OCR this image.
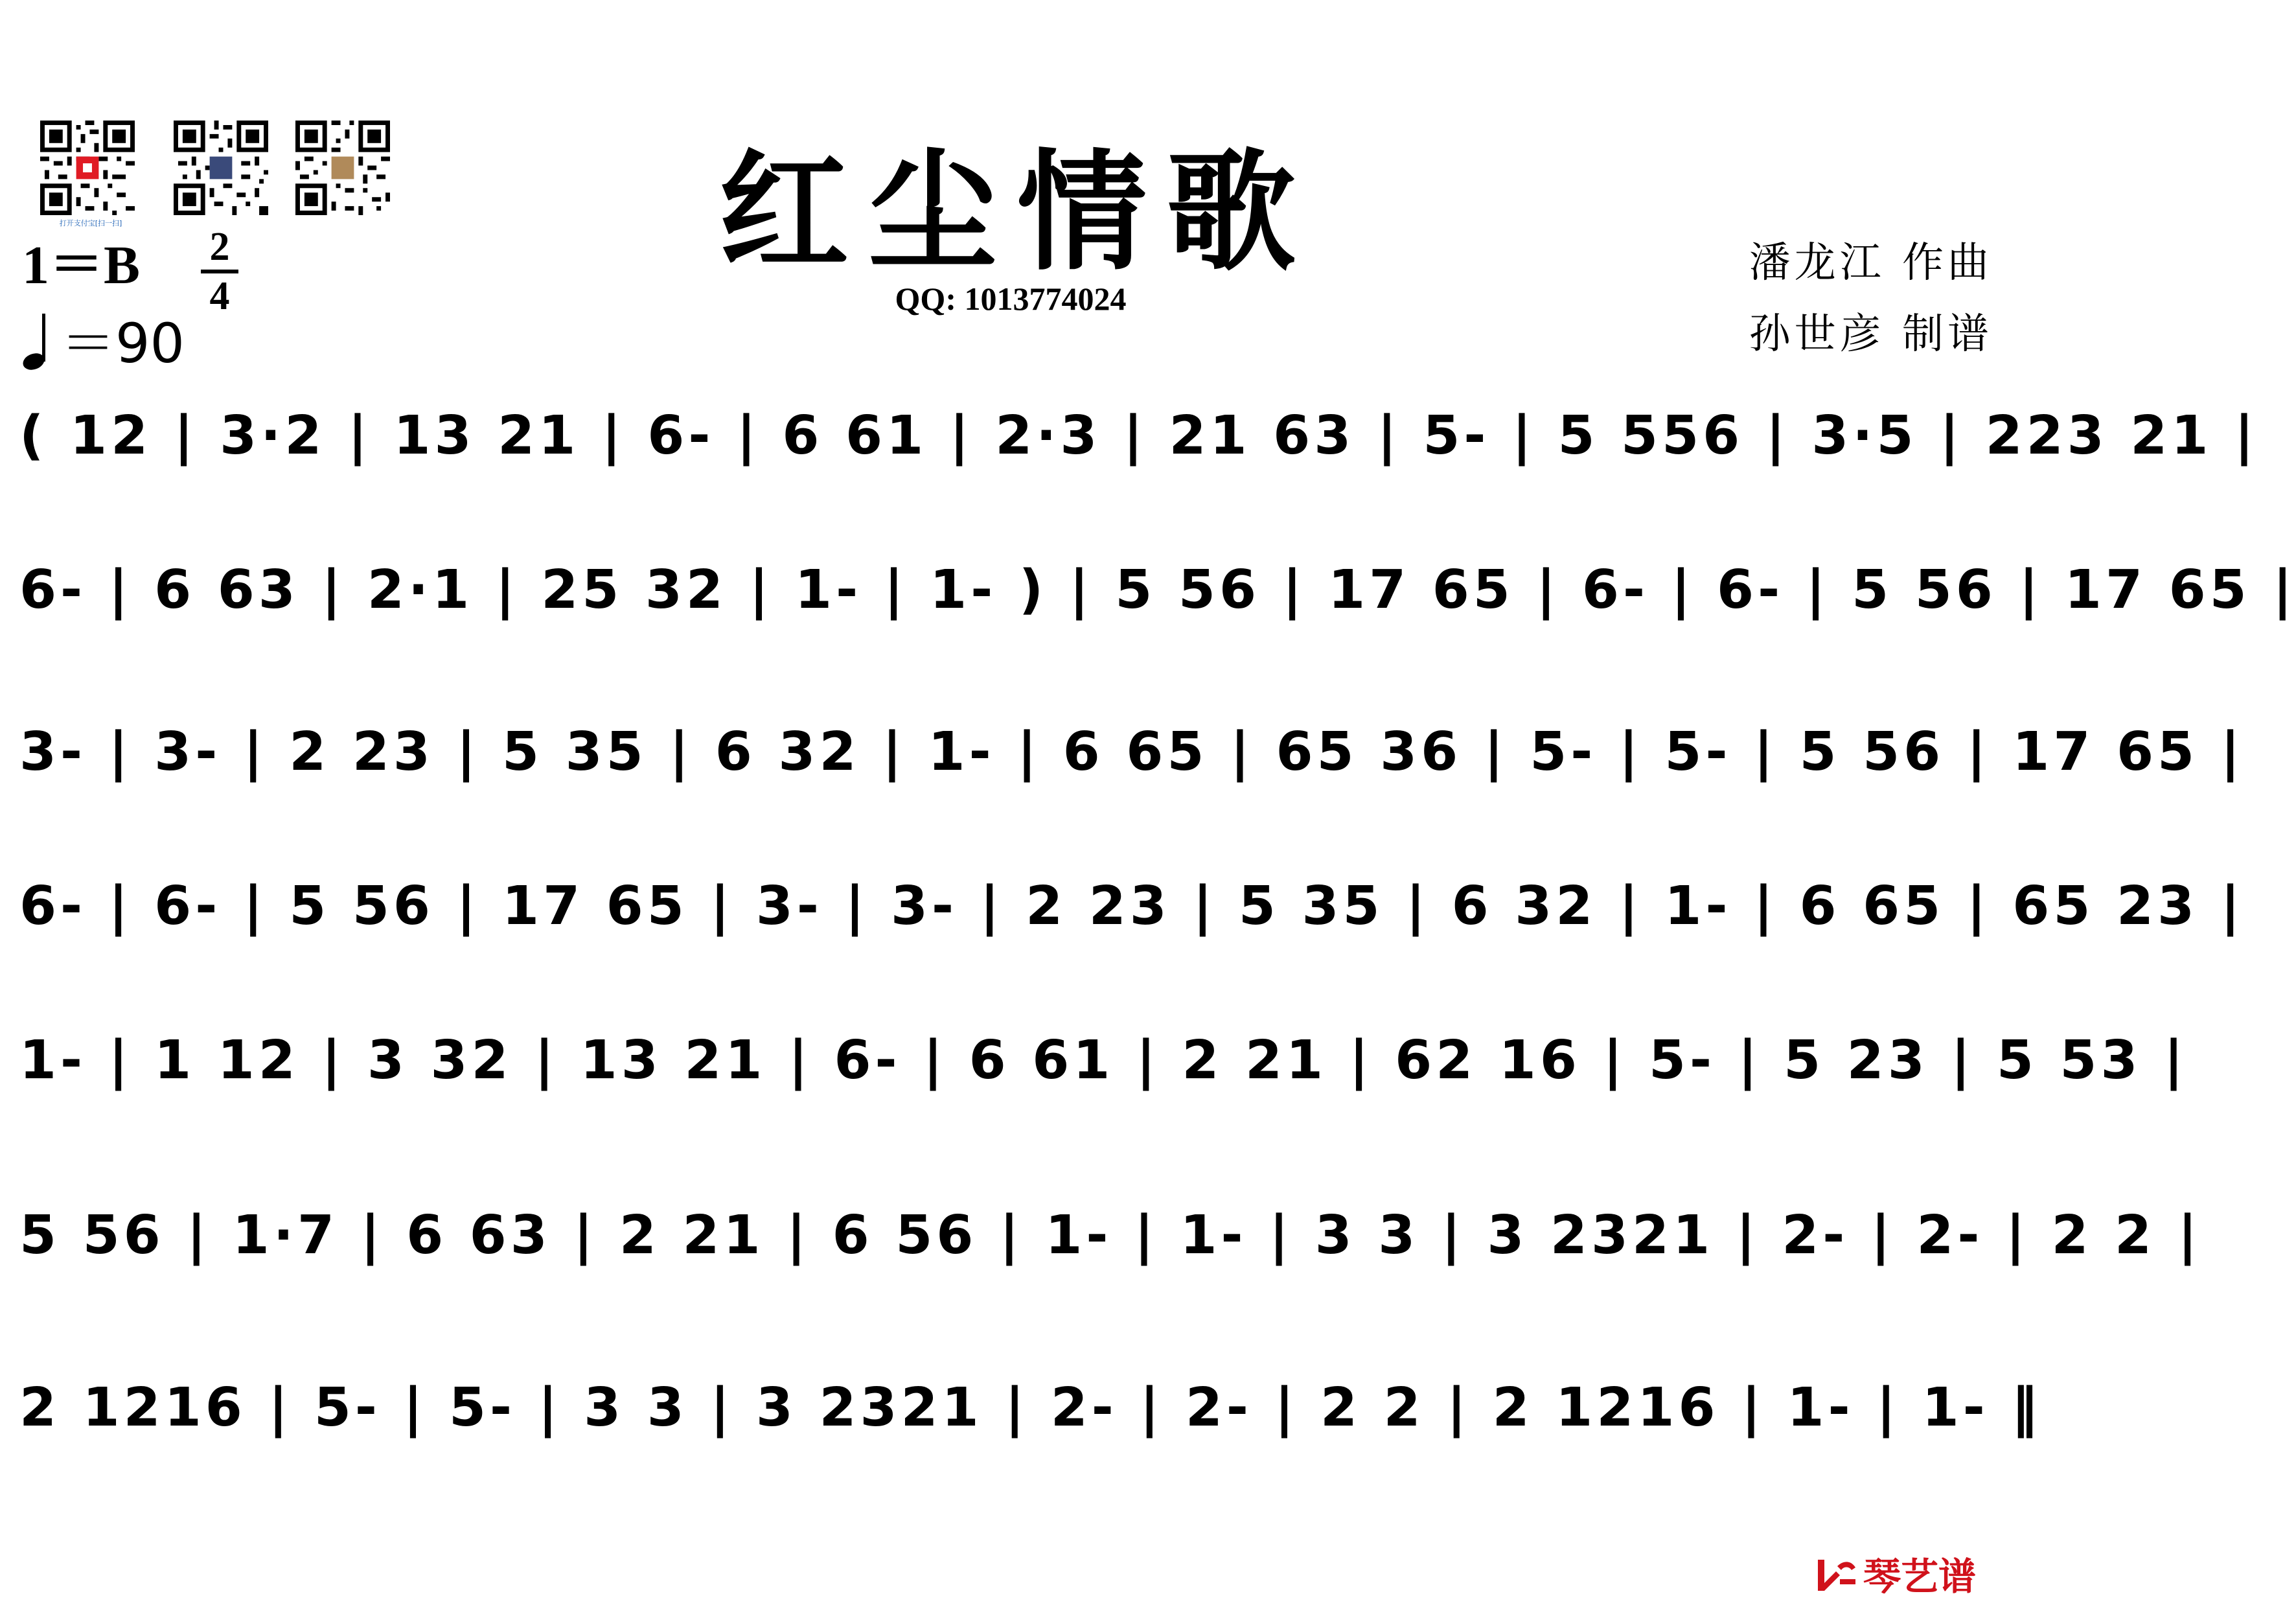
打开支付宝[扫一扫]	红尘情歌
QQ: 1013774024
1＝B 2
4
＝90
潘龙江 作曲
孙世彦 制谱
( 12 | 3·2 | 13 21 | 6- | 6 61 | 2·3 | 21 63 | 5- | 5 556 | 3·5 | 223 21 |
6- | 6 63 | 2·1 | 25 32 | 1- | 1- ) | 5 56 | 17 65 | 6- | 6- | 5 56 | 17 65 |
3- | 3- | 2 23 | 5 35 | 6 32 | 1- | 6 65 | 65 36 | 5- | 5- | 5 56 | 17 65 |
6- | 6- | 5 56 | 17 65 | 3- | 3- | 2 23 | 5 35 | 6 32 | 1- | 6 65 | 65 23 |
1- | 1 12 | 3 32 | 13 21 | 6- | 6 61 | 2 21 | 62 16 | 5- | 5 23 | 5 53 |
5 56 | 1·7 | 6 63 | 2 21 | 6 56 | 1- | 1- | 3 3 | 3 2321 | 2- | 2- | 2 2 |
2 1216 | 5- | 5- | 3 3 | 3 2321 | 2- | 2- | 2 2 | 2 1216 | 1- | 1- ‖
琴艺谱
